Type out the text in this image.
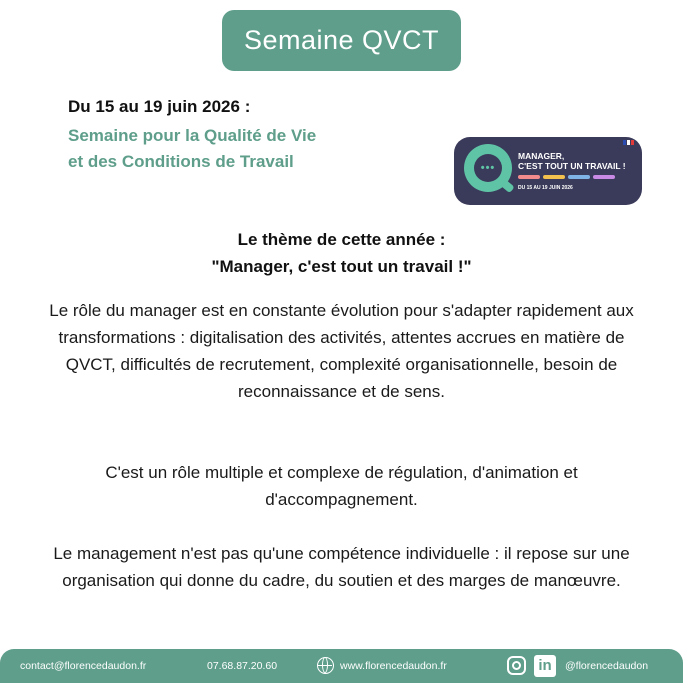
Semaine QVCT
Du 15 au 19 juin 2026 :
Semaine pour la Qualité de Vie
et des Conditions de Travail	•••
MANAGER,
C'EST TOUT UN TRAVAIL !
DU 15 AU 19 JUIN 2026
Le thème de cette année :
"Manager, c'est tout un travail !"
Le rôle du manager est en constante évolution pour s'adapter rapidement aux transformations : digitalisation des activités, attentes accrues en matière de QVCT, difficultés de recrutement, complexité organisationnelle, besoin de reconnaissance et de sens.
C'est un rôle multiple et complexe de régulation, d'animation et d'accompagnement.
Le management n'est pas qu'une compétence individuelle : il repose sur une organisation qui donne du cadre, du soutien et des marges de manœuvre.
contact@florencedaudon.fr	07.68.87.20.60	www.florencedaudon.fr	in	@florencedaudon
